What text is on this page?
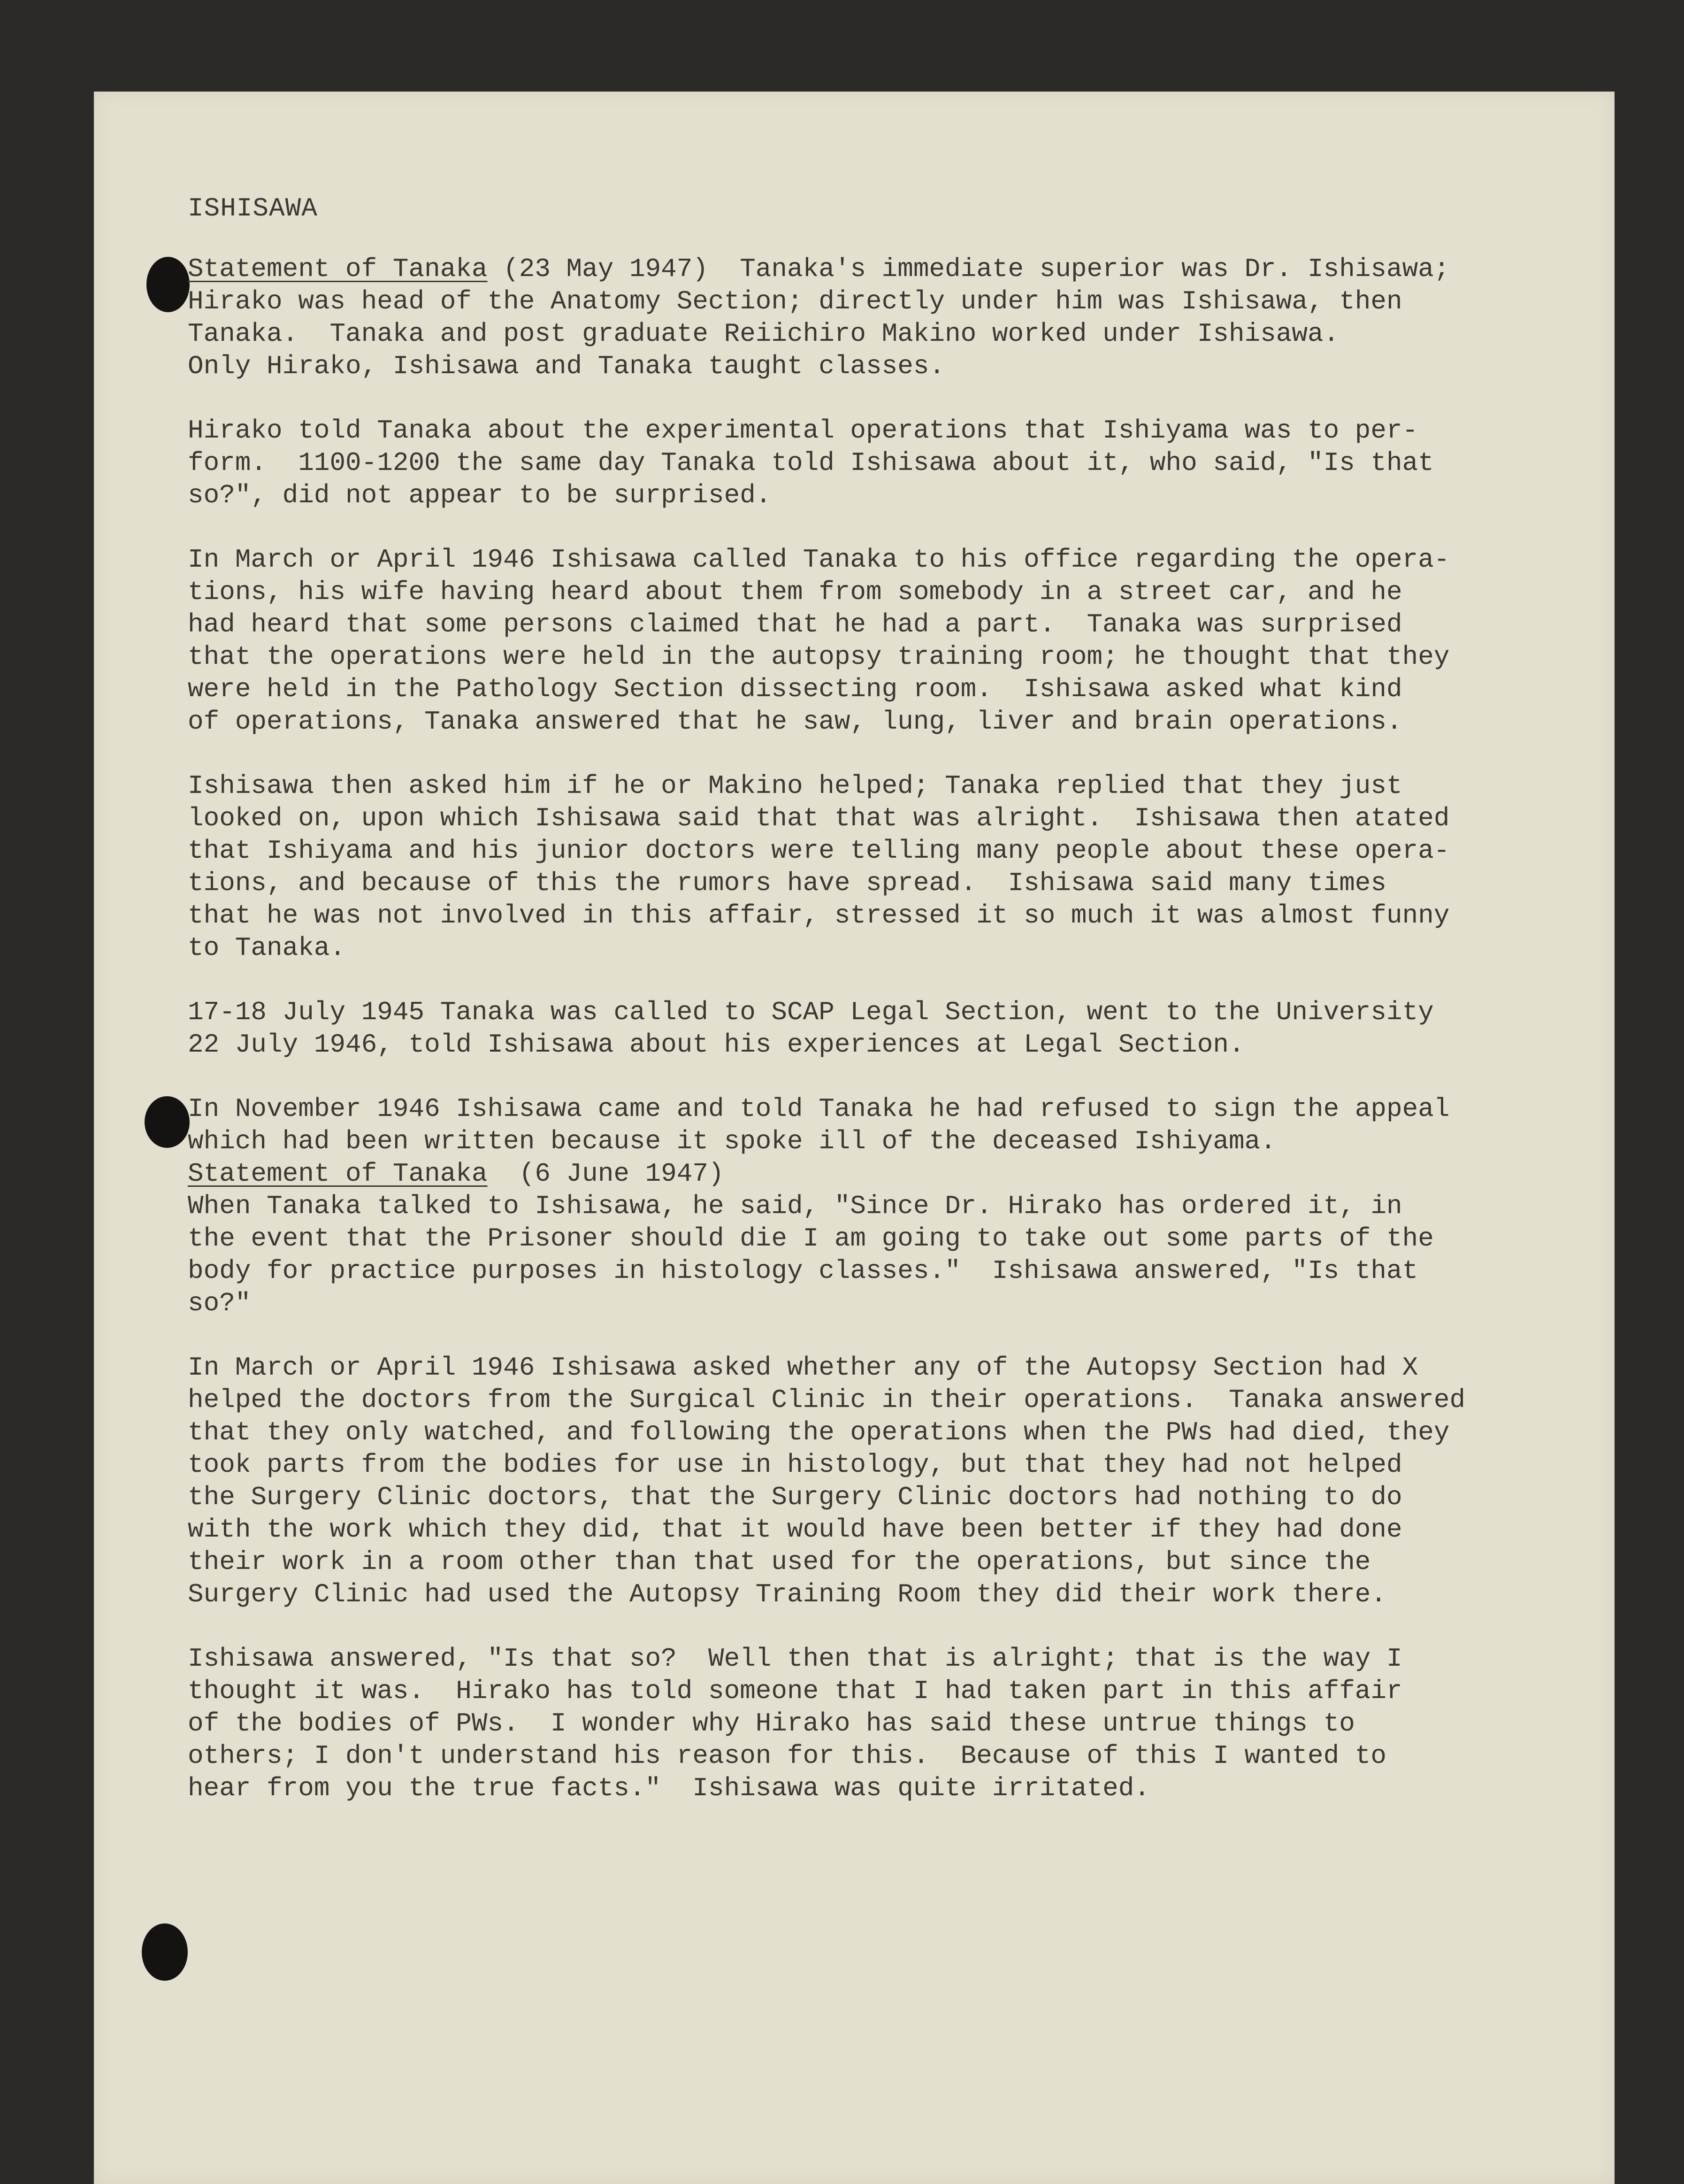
ISHISAWA
Statement of Tanaka (23 May 1947)  Tanaka's immediate superior was Dr. Ishisawa;
Hirako was head of the Anatomy Section; directly under him was Ishisawa, then
Tanaka.  Tanaka and post graduate Reiichiro Makino worked under Ishisawa.
Only Hirako, Ishisawa and Tanaka taught classes.
Hirako told Tanaka about the experimental operations that Ishiyama was to per-
form.  1100-1200 the same day Tanaka told Ishisawa about it, who said, "Is that
so?", did not appear to be surprised.
In March or April 1946 Ishisawa called Tanaka to his office regarding the opera-
tions, his wife having heard about them from somebody in a street car, and he
had heard that some persons claimed that he had a part.  Tanaka was surprised
that the operations were held in the autopsy training room; he thought that they
were held in the Pathology Section dissecting room.  Ishisawa asked what kind
of operations, Tanaka answered that he saw, lung, liver and brain operations.
Ishisawa then asked him if he or Makino helped; Tanaka replied that they just
looked on, upon which Ishisawa said that that was alright.  Ishisawa then atated
that Ishiyama and his junior doctors were telling many people about these opera-
tions, and because of this the rumors have spread.  Ishisawa said many times
that he was not involved in this affair, stressed it so much it was almost funny
to Tanaka.
17-18 July 1945 Tanaka was called to SCAP Legal Section, went to the University
22 July 1946, told Ishisawa about his experiences at Legal Section.
In November 1946 Ishisawa came and told Tanaka he had refused to sign the appeal
which had been written because it spoke ill of the deceased Ishiyama.
Statement of Tanaka  (6 June 1947)
When Tanaka talked to Ishisawa, he said, "Since Dr. Hirako has ordered it, in
the event that the Prisoner should die I am going to take out some parts of the
body for practice purposes in histology classes."  Ishisawa answered, "Is that
so?"
In March or April 1946 Ishisawa asked whether any of the Autopsy Section had X
helped the doctors from the Surgical Clinic in their operations.  Tanaka answered
that they only watched, and following the operations when the PWs had died, they
took parts from the bodies for use in histology, but that they had not helped
the Surgery Clinic doctors, that the Surgery Clinic doctors had nothing to do
with the work which they did, that it would have been better if they had done
their work in a room other than that used for the operations, but since the
Surgery Clinic had used the Autopsy Training Room they did their work there.
Ishisawa answered, "Is that so?  Well then that is alright; that is the way I
thought it was.  Hirako has told someone that I had taken part in this affair
of the bodies of PWs.  I wonder why Hirako has said these untrue things to
others; I don't understand his reason for this.  Because of this I wanted to
hear from you the true facts."  Ishisawa was quite irritated.
